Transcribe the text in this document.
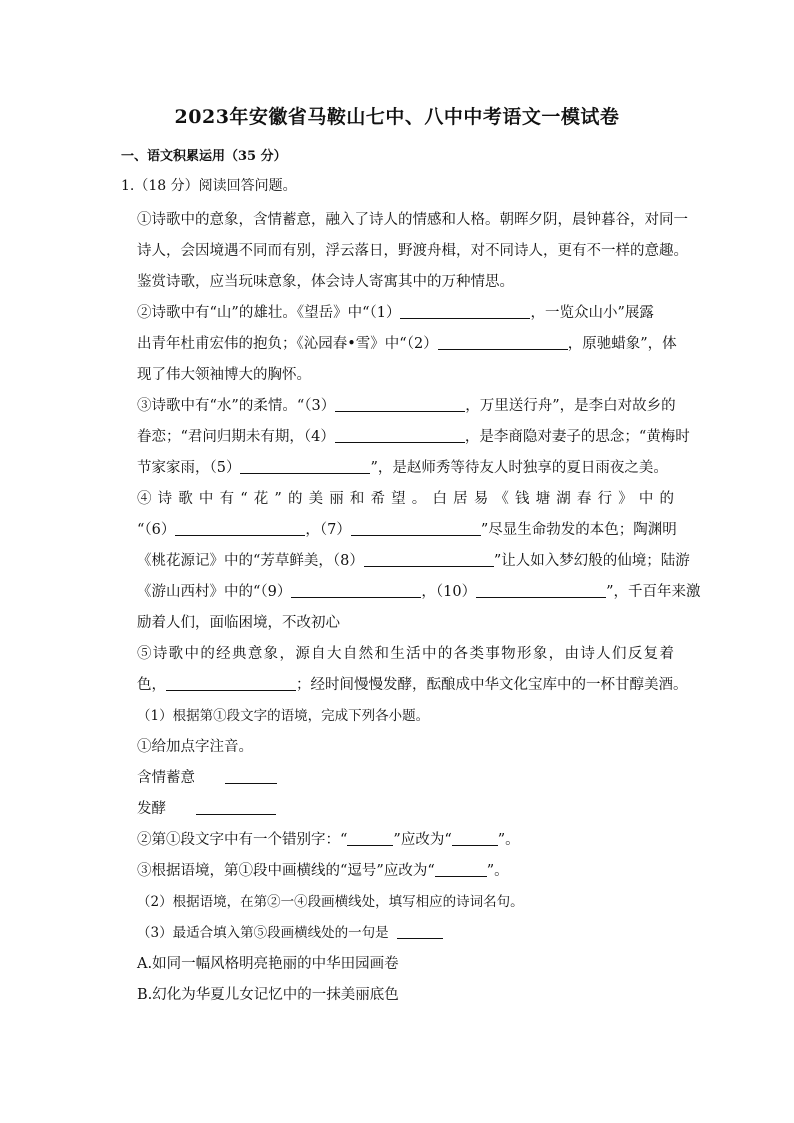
2023年安徽省马鞍山七中、八中中考语文一模试卷
一、语文积累运用（35 分）
1.（18 分）阅读回答问题。
①诗歌中的意象，含情蓄意，融入了诗人的情感和人格。朝晖夕阴，晨钟暮谷，对同一
诗人，会因境遇不同而有别，浮云落日，野渡舟楫，对不同诗人，更有不一样的意趣。
鉴赏诗歌，应当玩味意象，体会诗人寄寓其中的万种情思。
②诗歌中有“山”的雄壮。《望岳》中“（1）	，一览众山小”展露
出青年杜甫宏伟的抱负；《沁园春•雪》中“（2）	，原驰蜡象”，体
现了伟大领袖博大的胸怀。
③诗歌中有“水”的柔情。“（3）	，万里送行舟”，是李白对故乡的
眷恋；“君问归期未有期，（4）	，是李商隐对妻子的思念；“黄梅时
节家家雨，（5）	”，是赵师秀等待友人时独享的夏日雨夜之美。
④诗歌中有“花”的美丽和希望。白居易《钱塘湖春行》中的
“（6）	，（7）	”尽显生命勃发的本色；陶渊明
《桃花源记》中的“芳草鲜美，（8）	”让人如入梦幻般的仙境；陆游
《游山西村》中的“（9）	，（10）	”，千百年来激
励着人们，面临困境，不改初心
⑤诗歌中的经典意象，源自大自然和生活中的各类事物形象，由诗人们反复着
色，	；经时间慢慢发酵，酝酿成中华文化宝库中的一杯甘醇美酒。
（1）根据第①段文字的语境，完成下列各小题。
①给加点字注音。
含情蓄意
发酵
②第①段文字中有一个错别字：“	”应改为“	”。
③根据语境，第①段中画横线的“逗号”应改为“	”。
（2）根据语境，在第②一④段画横线处，填写相应的诗词名句。
（3）最适合填入第⑤段画横线处的一句是
A.如同一幅风格明亮艳丽的中华田园画卷
B.幻化为华夏儿女记忆中的一抹美丽底色
